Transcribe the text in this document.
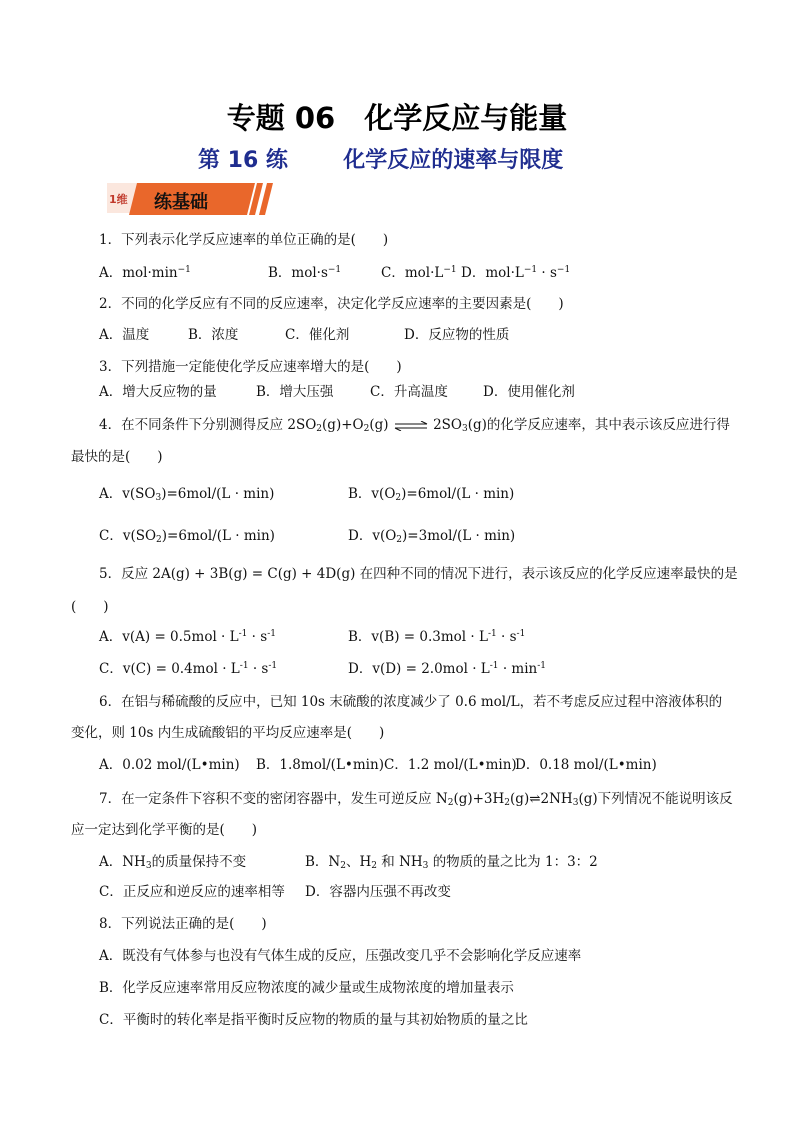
专题 06　化学反应与能量
第 16 练	化学反应的速率与限度
1维 练基础
1．下列表示化学反应速率的单位正确的是(　　)
A．$mol\cdot\min^{-1}$	B．$mol\cdot s^{-1}$	C．$mol\cdot L^{-1}$ D．$mol\cdot L^{-1} \cdot s^{-1}$
2．不同的化学反应有不同的反应速率，决定化学反应速率的主要因素是(　　)
A．温度	B．浓度	C．催化剂	D．反应物的性质
3．下列措施一定能使化学反应速率增大的是(　　)
A．增大反应物的量	B．增大压强	C．升高温度	D．使用催化剂
4．在不同条件下分别测得反应 $2SO_2(g)+O_2(g)$ ⇌ $2SO_3(g)$的化学反应速率，其中表示该反应进行得
最快的是(　　)
A．$v(SO_3)=6mol/(L \cdot \min)$	B．$v(O_2)=6mol/(L \cdot \min)$
C．$v(SO_2)=6mol/(L \cdot \min)$	D．$v(O_2)=3mol/(L \cdot \min)$
5．反应 2A(g) + 3B(g) = C(g) + 4D(g) 在四种不同的情况下进行，表示该反应的化学反应速率最快的是
(　　)
A．$v(A) = 0.5mol \cdot L^{-1} \cdot s^{-1}$	B．$v(B) = 0.3mol \cdot L^{-1} \cdot s^{-1}$
C．$v(C) = 0.4mol \cdot L^{-1} \cdot s^{-1}$	D．$v(D) = 2.0mol \cdot L^{-1} \cdot \min^{-1}$
6．在铝与稀硫酸的反应中，已知 10s 末硫酸的浓度减少了 0.6 mol/L，若不考虑反应过程中溶液体积的
变化，则 10s 内生成硫酸铝的平均反应速率是(　　)
A．0.02 mol/(L•min) B．1.8mol/(L•min) C．1.2 mol/(L•min)
D．0.18 mol/(L•min)
7．在一定条件下容积不变的密闭容器中，发生可逆反应 $N_2(g)+3H_2(g)\rightleftharpoons 2NH_3(g)$下列情况不能说明该反
应一定达到化学平衡的是(　　)
A．$NH_3$的质量保持不变	B．$N_2$、$H_2$ 和 $NH_3$ 的物质的量之比为 1：3：2
C．正反应和逆反应的速率相等 D．容器内压强不再改变
8．下列说法正确的是(　　)
A．既没有气体参与也没有气体生成的反应，压强改变几乎不会影响化学反应速率
B．化学反应速率常用反应物浓度的减少量或生成物浓度的增加量表示
C．平衡时的转化率是指平衡时反应物的物质的量与其初始物质的量之比
